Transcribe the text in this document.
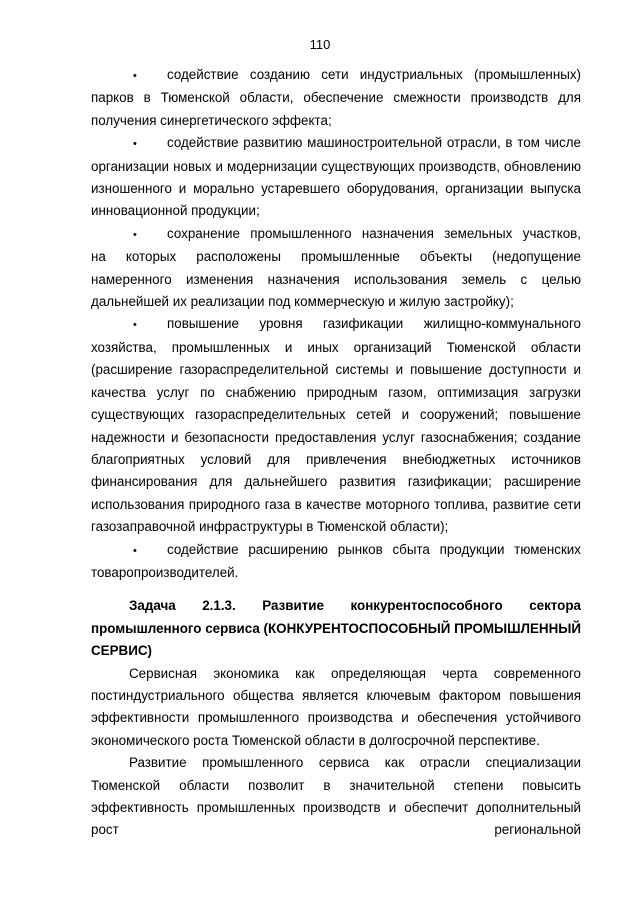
110
•	содействие созданию сети индустриальных (промышленных)

парков в Тюменской области, обеспечение смежности производств для получения синергетического эффекта;

•	содействие развитию машиностроительной отрасли, в том числе

организации новых и модернизации существующих производств, обновлению изношенного и морально устаревшего оборудования, организации выпуска инновационной продукции;

•	сохранение промышленного назначения земельных участков,

на которых расположены промышленные объекты (недопущение намеренного изменения назначения использования земель с целью дальнейшей их реализации под коммерческую и жилую застройку);

•	повышение уровня газификации жилищно-коммунального

хозяйства, промышленных и иных организаций Тюменской области (расширение газораспределительной системы и повышение доступности и качества услуг по снабжению природным газом, оптимизация загрузки существующих газораспределительных сетей и сооружений; повышение надежности и безопасности предоставления услуг газоснабжения; создание благоприятных условий для привлечения внебюджетных источников финансирования для дальнейшего развития газификации; расширение использования природного газа в качестве моторного топлива, развитие сети газозаправочной инфраструктуры в Тюменской области);

•	содействие расширению рынков сбыта продукции тюменских

товаропроизводителей.

Задача 2.1.3. Развитие конкурентоспособного сектора
промышленного сервиса (КОНКУРЕНТОСПОСОБНЫЙ ПРОМЫШЛЕННЫЙ СЕРВИС)

Сервисная экономика как определяющая черта современного постиндустриального общества является ключевым фактором повышения эффективности промышленного производства и обеспечения устойчивого экономического роста Тюменской области в долгосрочной перспективе.

Развитие промышленного сервиса как отрасли специализации Тюменской области позволит в значительной степени повысить эффективность промышленных производств и обеспечит дополнительный рост региональной
